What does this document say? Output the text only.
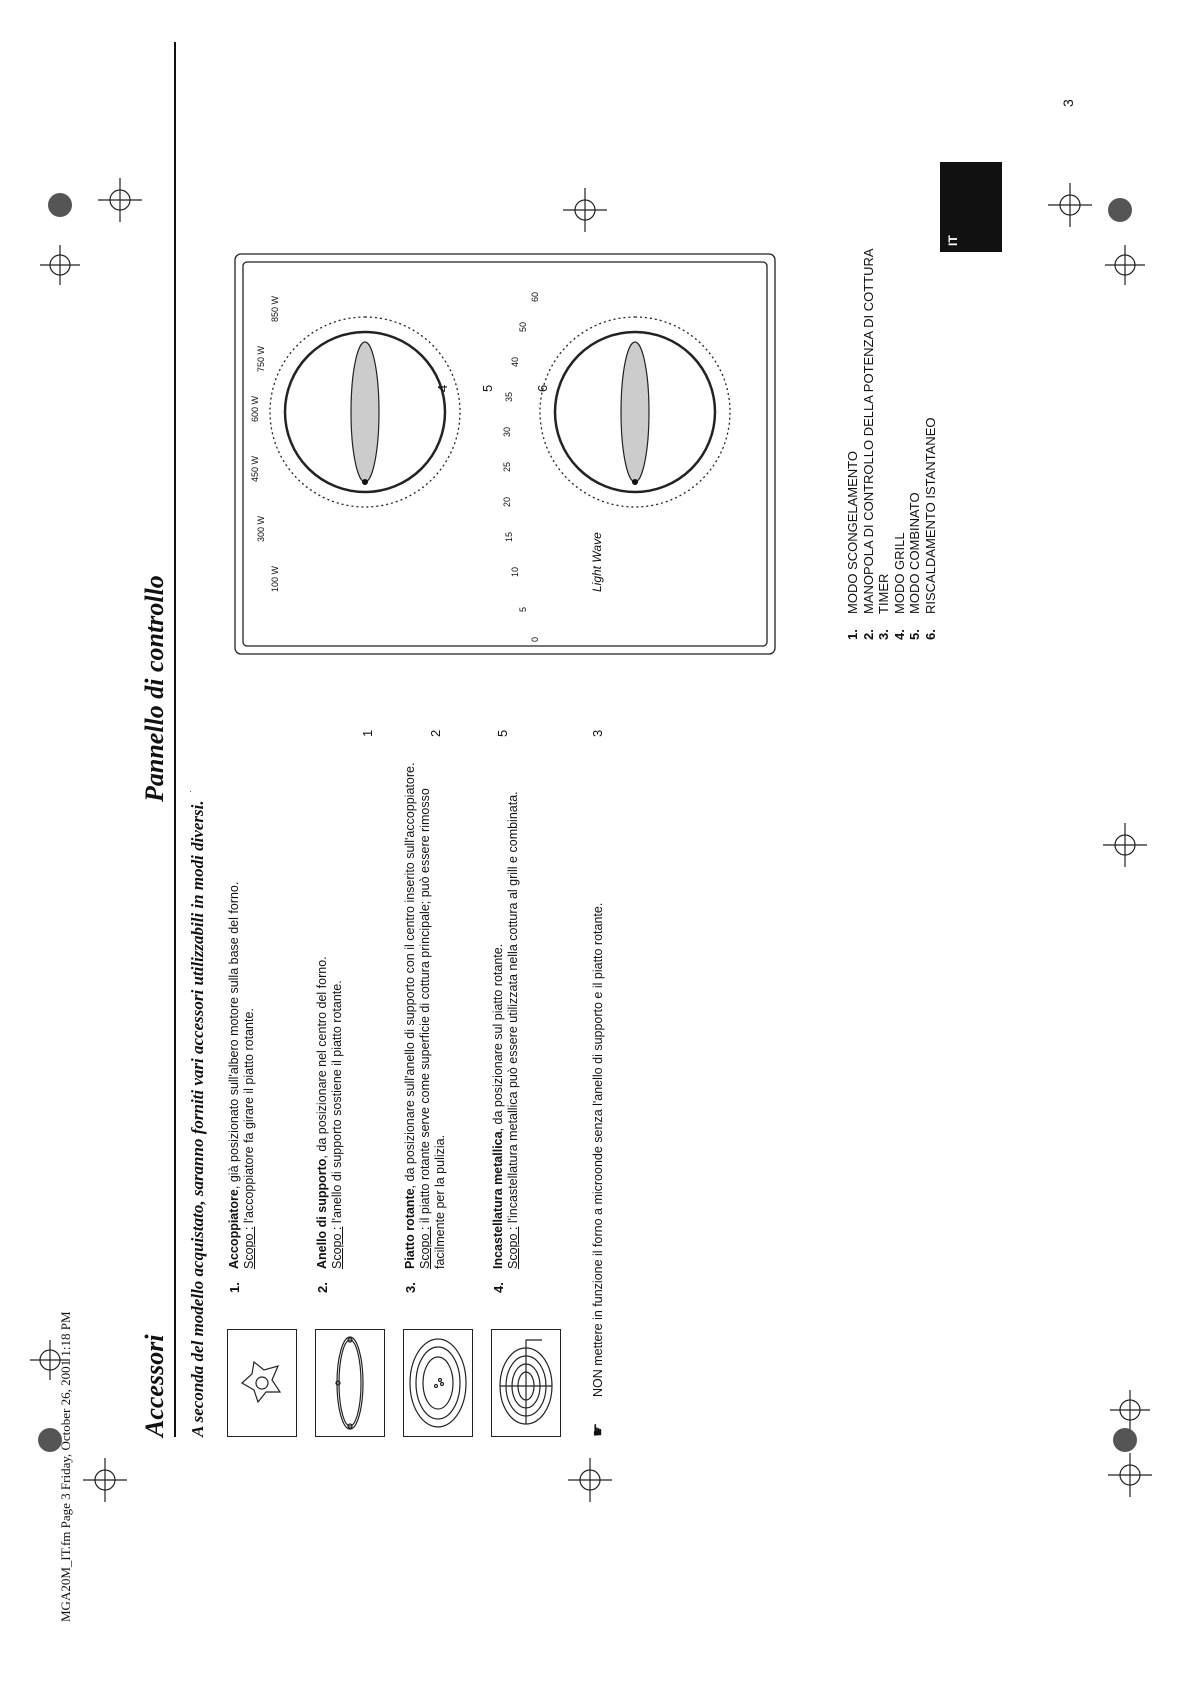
MGA20M_IT.fm Page 3 Friday, October 26, 2001 1:18 PM	Accessori A seconda del modello acquistato, saranno forniti vari accessori utilizzabili in modi diversi. 1.
Accoppiatore, già posizionato sull'albero motore sulla base del forno.
Scopo : l'accoppiatore fa girare il piatto rotante.
2.
Anello di supporto, da posizionare nel centro del forno.
Scopo : l'anello di supporto sostiene il piatto rotante.
3.
Piatto rotante, da posizionare sull'anello di supporto con il centro inserito sull'accoppiatore.
Scopo : il piatto rotante serve come superficie di cottura principale; può essere rimosso facilmente per la pulizia.
4.
Incastellatura metallica, da posizionare sul piatto rotante.
Scopo : l'incastellatura metallica può essere utilizzata nella cottura al grill e combinata.
☛
NON mettere in funzione il forno a microonde senza l'anello di supporto e il piatto rotante.
Pannello di controllo	100 W
300 W
450 W
600 W
750 W
850 W
0
5
10
15
20
25
30
35
40
50
60
Light Wave
1	2	5	3
4 5	6
1.
MODO SCONGELAMENTO
2.
MANOPOLA DI CONTROLLO DELLA POTENZA DI COTTURA
3.
TIMER
4.
MODO GRILL
5.
MODO COMBINATO
6.
RISCALDAMENTO ISTANTANEO
IT
3
